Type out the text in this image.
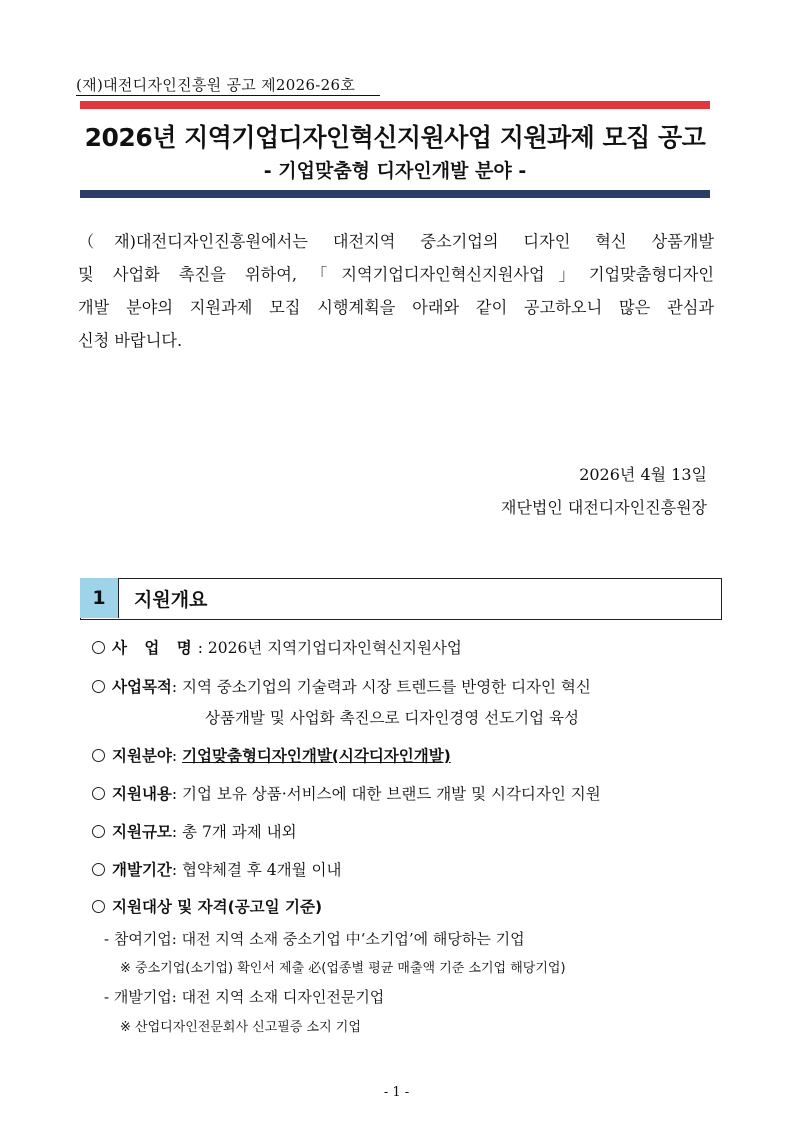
(재)대전디자인진흥원 공고 제2026-26호
2026년 지역기업디자인혁신지원사업 지원과제 모집 공고
- 기업맞춤형 디자인개발 분야 -
（재)대전디자인진흥원에서는 대전지역 중소기업의 디자인 혁신 상품개발
및 사업화 촉진을 위하여,「지역기업디자인혁신지원사업」기업맞춤형디자인
개발 분야의 지원과제 모집 시행계획을 아래와 같이 공고하오니 많은 관심과
신청 바랍니다.
2026년 4월 13일
재단법인 대전디자인진흥원장
1	지원개요
사 업 명: 2026년 지역기업디자인혁신지원사업
사업목적: 지역 중소기업의 기술력과 시장 트렌드를 반영한 디자인 혁신
상품개발 및 사업화 촉진으로 디자인경영 선도기업 육성
지원분야: 기업맞춤형디자인개발(시각디자인개발)
지원내용: 기업 보유 상품·서비스에 대한 브랜드 개발 및 시각디자인 지원
지원규모: 총 7개 과제 내외
개발기간: 협약체결 후 4개월 이내
지원대상 및 자격(공고일 기준)
- 참여기업: 대전 지역 소재 중소기업 中‘소기업’에 해당하는 기업
※ 중소기업(소기업) 확인서 제출 必(업종별 평균 매출액 기준 소기업 해당기업)
- 개발기업: 대전 지역 소재 디자인전문기업
※ 산업디자인전문회사 신고필증 소지 기업
- 1 -
